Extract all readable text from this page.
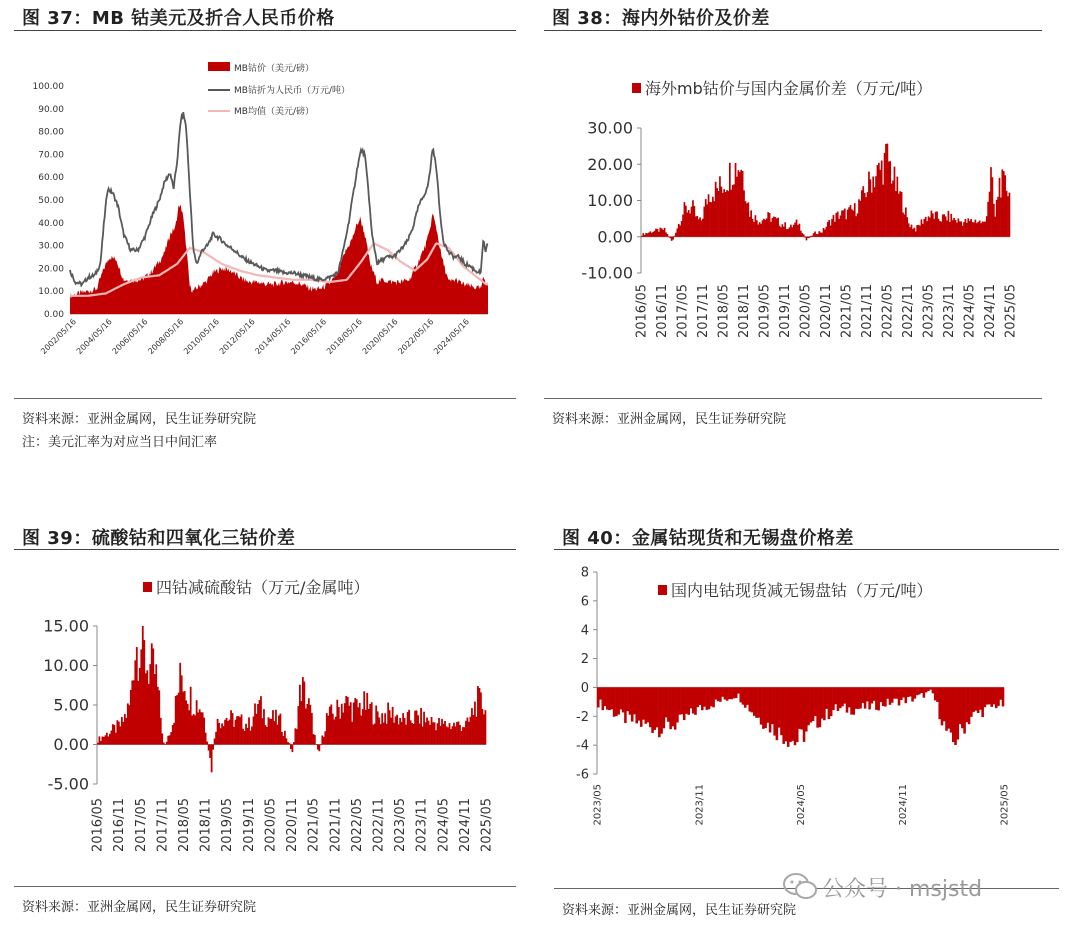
图 37：MB 钴美元及折合人民币价格
0.00
10.00
20.00
30.00
40.00
50.00
60.00
70.00
80.00
90.00
100.00
2002/05/16
2004/05/16
2006/05/16
2008/05/16
2010/05/16
2012/05/16
2014/05/16
2016/05/16
2018/05/16
2020/05/16
2022/05/16
2024/05/16
MB钴价（美元/磅）
MB钴折为人民币（万元/吨）
MB均值（美元/磅）
资料来源：亚洲金属网，民生证券研究院
注：美元汇率为对应当日中间汇率
图 38：海内外钴价及价差
-10.00
0.00
10.00
20.00
30.00
2016/05 2016/11 2017/05 2017/11 2018/05 2018/11 2019/05 2019/11 2020/05 2020/11 2021/05 2021/11 2022/05 2022/11 2023/05 2023/11 2024/05 2024/11 2025/05
海外mb钴价与国内金属价差（万元/吨）
资料来源：亚洲金属网，民生证券研究院
图 39：硫酸钴和四氧化三钴价差
-5.00
0.00
5.00
10.00
15.00
2016/05 2016/11 2017/05 2017/11 2018/05 2018/11 2019/05 2019/11 2020/05 2020/11 2021/05 2021/11 2022/05 2022/11 2023/05 2023/11 2024/05 2024/11 2025/05
四钴减硫酸钴（万元/金属吨）
资料来源：亚洲金属网，民生证券研究院
图 40：金属钴现货和无锡盘价格差
8
6
4
2
0
-2
-4
-6
2023/05	2023/11	2024/05	2024/11	2025/05
国内电钴现货减无锡盘钴（万元/吨）
资料来源：亚洲金属网，民生证券研究院
公众号 · msjstd
